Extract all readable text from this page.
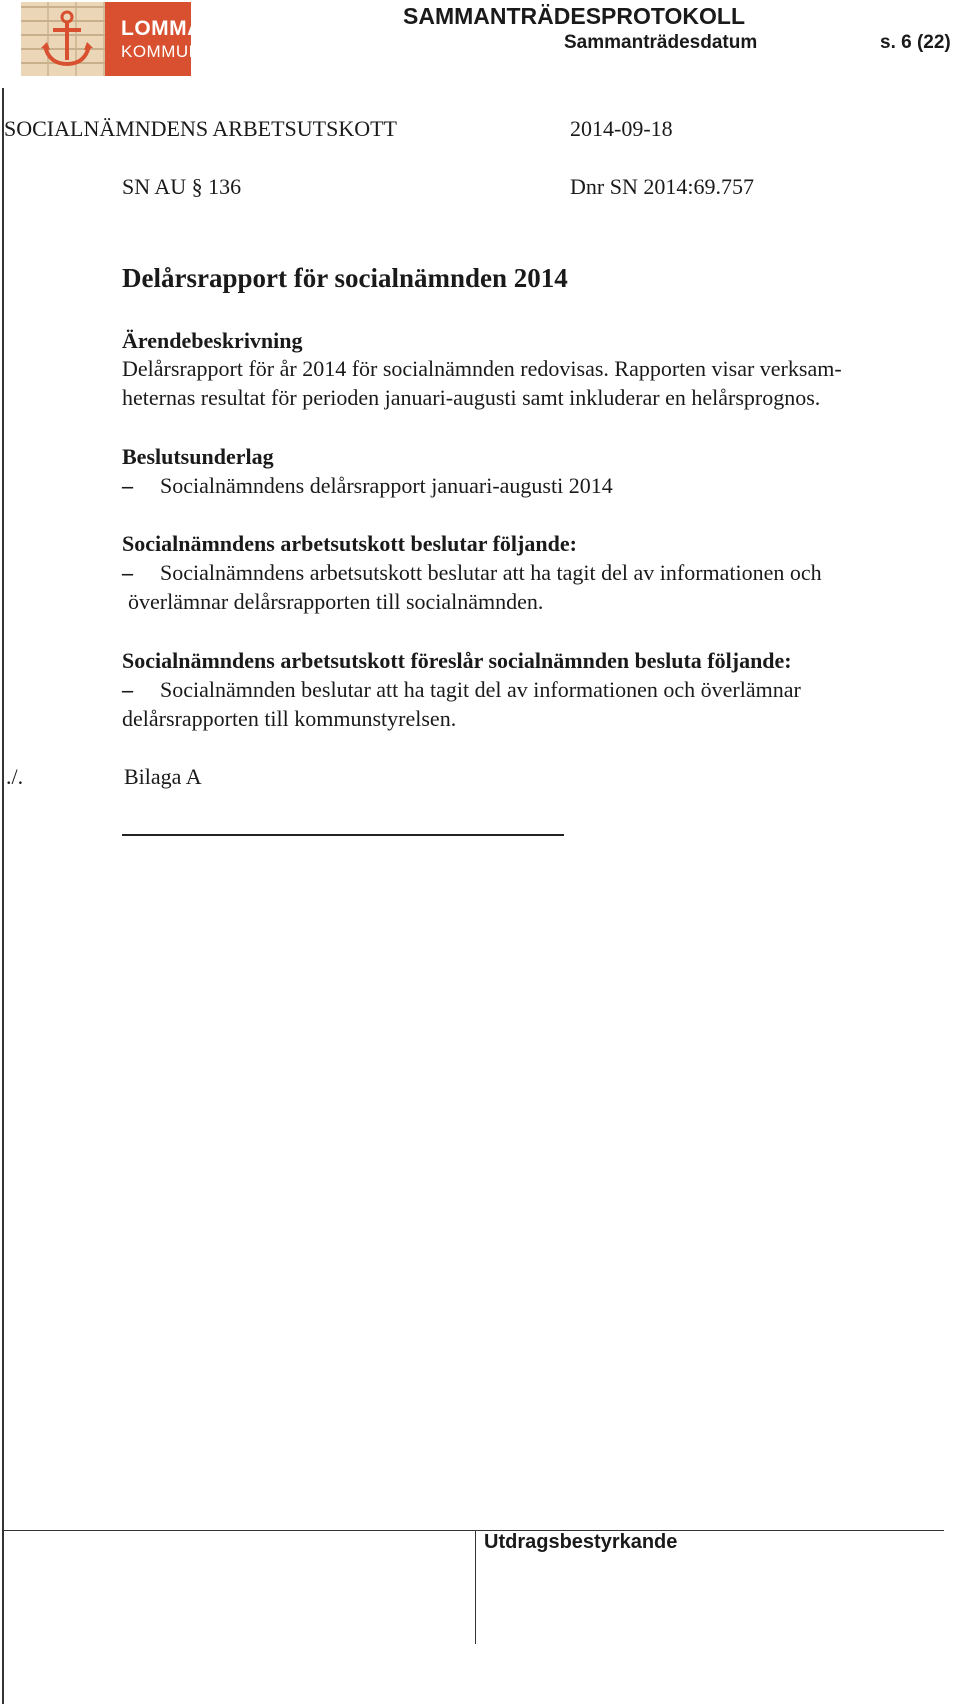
LOMMA
KOMMUN
SAMMANTRÄDESPROTOKOLL
Sammanträdesdatum	s. 6 (22)
SOCIALNÄMNDENS ARBETSUTSKOTT	2014-09-18
SN AU § 136	Dnr SN 2014:69.757
Delårsrapport för socialnämnden 2014
Ärendebeskrivning
Delårsrapport för år 2014 för socialnämnden redovisas. Rapporten visar verksam-
heternas resultat för perioden januari-augusti samt inkluderar en helårsprognos.
Beslutsunderlag
– Socialnämndens delårsrapport januari-augusti 2014
Socialnämndens arbetsutskott beslutar följande:
– Socialnämndens arbetsutskott beslutar att ha tagit del av informationen och
överlämnar delårsrapporten till socialnämnden.
Socialnämndens arbetsutskott föreslår socialnämnden besluta följande:
– Socialnämnden beslutar att ha tagit del av informationen och överlämnar
delårsrapporten till kommunstyrelsen.
./.	Bilaga A
Utdragsbestyrkande
